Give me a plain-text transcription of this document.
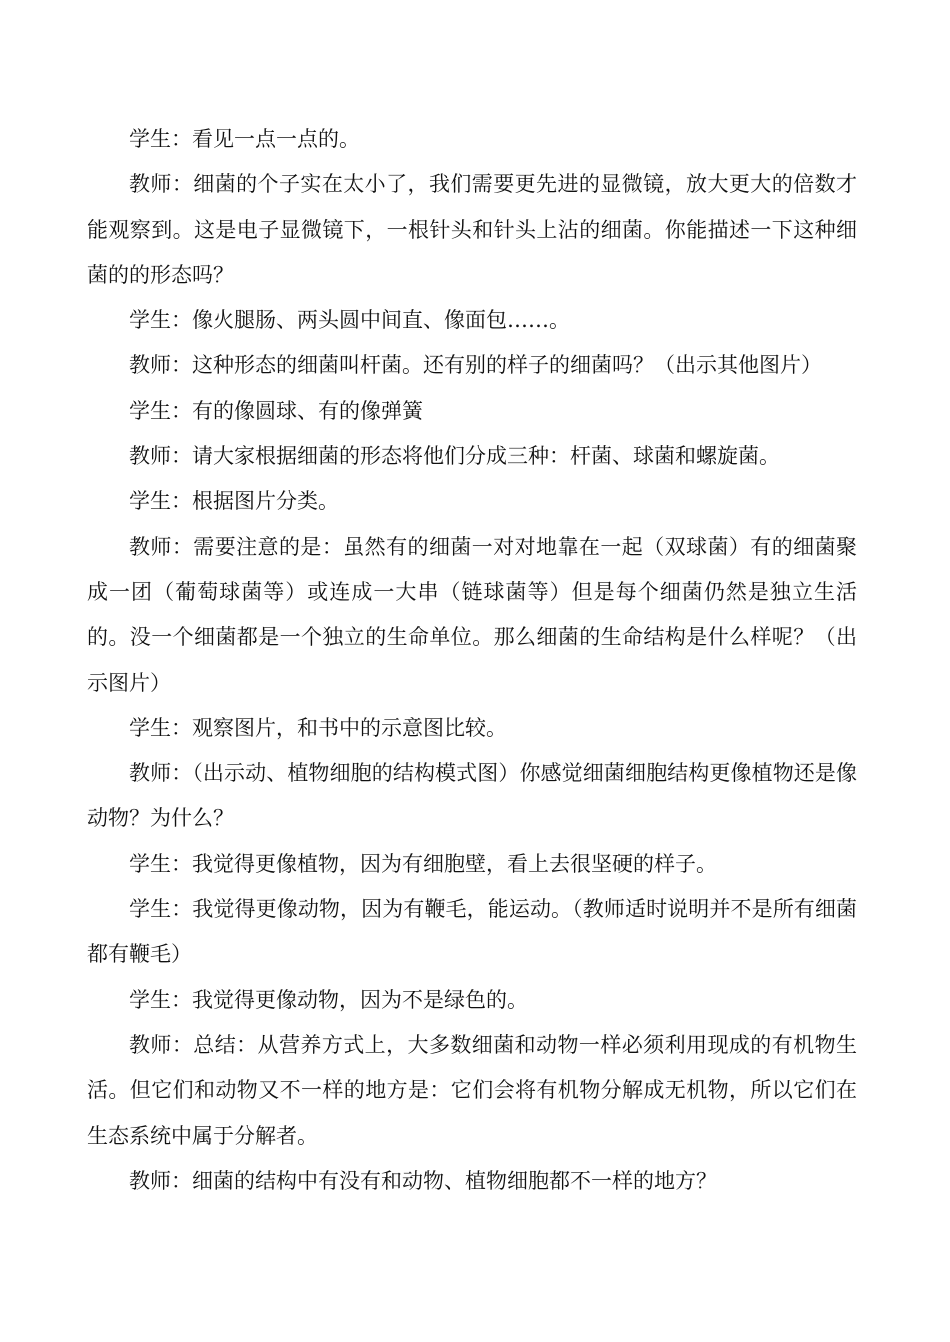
学生：看见一点一点的。

教师：细菌的个子实在太小了，我们需要更先进的显微镜，放大更大的倍数才能观察到。这是电子显微镜下，一根针头和针头上沾的细菌。你能描述一下这种细菌的的形态吗？

学生：像火腿肠、两头圆中间直、像面包……。

教师：这种形态的细菌叫杆菌。还有别的样子的细菌吗？（出示其他图片）

学生：有的像圆球、有的像弹簧

教师：请大家根据细菌的形态将他们分成三种：杆菌、球菌和螺旋菌。

学生：根据图片分类。

教师：需要注意的是：虽然有的细菌一对对地靠在一起（双球菌）有的细菌聚成一团（葡萄球菌等）或连成一大串（链球菌等）但是每个细菌仍然是独立生活的。没一个细菌都是一个独立的生命单位。那么细菌的生命结构是什么样呢？（出示图片）

学生：观察图片，和书中的示意图比较。

教师：（出示动、植物细胞的结构模式图）你感觉细菌细胞结构更像植物还是像动物？为什么？

学生：我觉得更像植物，因为有细胞壁，看上去很坚硬的样子。

学生：我觉得更像动物，因为有鞭毛，能运动。（教师适时说明并不是所有细菌都有鞭毛）

学生：我觉得更像动物，因为不是绿色的。

教师：总结：从营养方式上，大多数细菌和动物一样必须利用现成的有机物生活。但它们和动物又不一样的地方是：它们会将有机物分解成无机物，所以它们在生态系统中属于分解者。

教师：细菌的结构中有没有和动物、植物细胞都不一样的地方？
